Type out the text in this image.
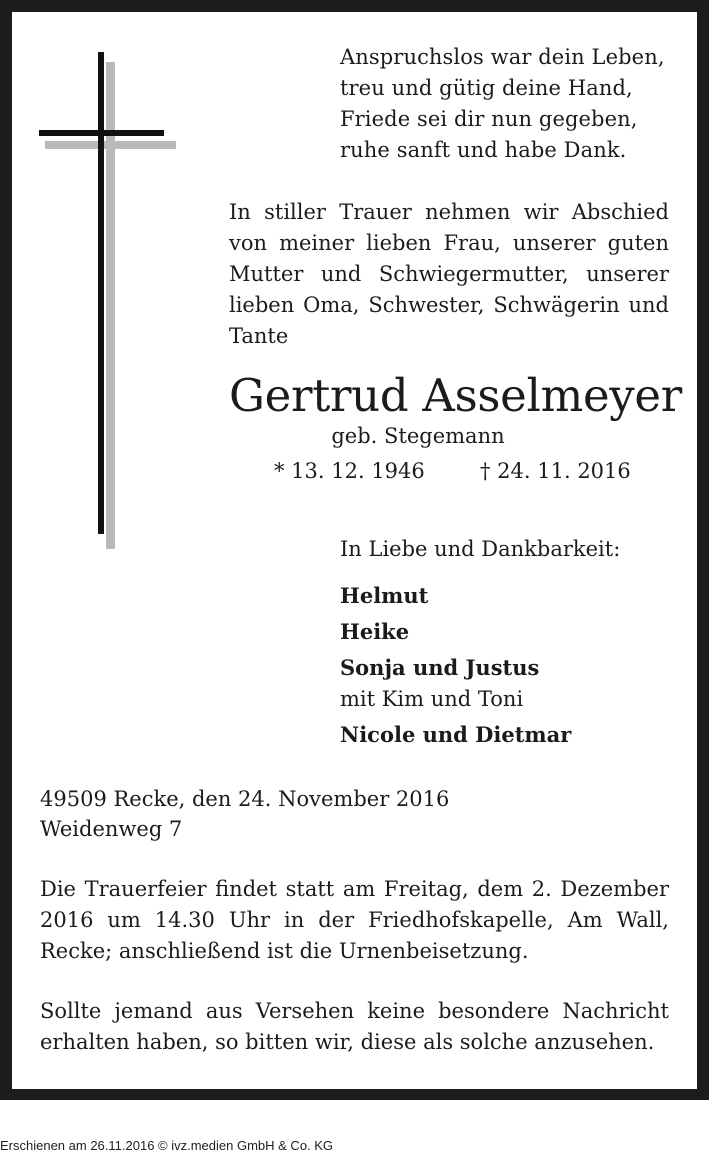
Anspruchslos war dein Leben,
treu und gütig deine Hand,
Friede sei dir nun gegeben,
ruhe sanft und habe Dank.

In stiller Trauer nehmen wir Abschied von meiner lieben Frau, unserer guten Mutter und Schwiegermutter, unserer lieben Oma, Schwester, Schwägerin und Tante

Gertrud Asselmeyer
geb. Stegemann
* 13. 12. 1946	† 24. 11. 2016
In Liebe und Dankbarkeit:
Helmut
Heike
Sonja und Justus
mit Kim und Toni
Nicole und Dietmar
49509 Recke, den 24. November 2016
Weidenweg 7

Die Trauerfeier findet statt am Freitag, dem 2. Dezember 2016 um 14.30 Uhr in der Friedhofskapelle, Am Wall, Recke; anschließend ist die Urnenbeisetzung.

Sollte jemand aus Versehen keine besondere Nachricht erhalten haben, so bitten wir, diese als solche anzusehen.

Erschienen am 26.11.2016 © ivz.medien GmbH & Co. KG
